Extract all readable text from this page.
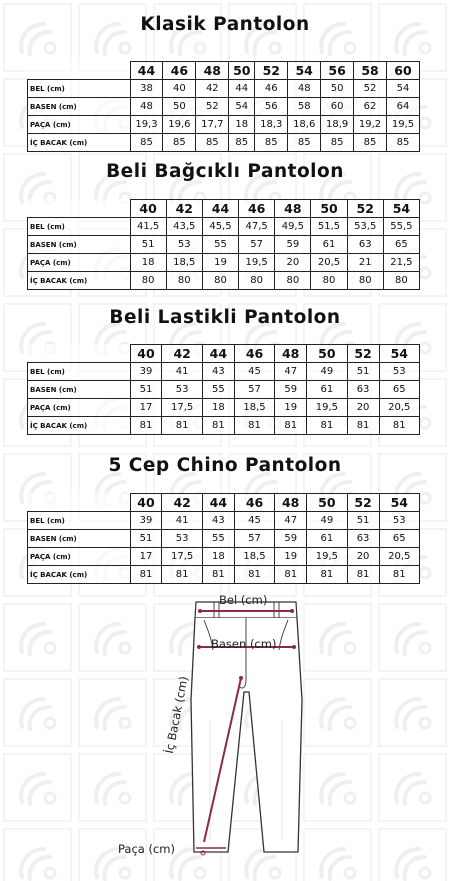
Klasik Pantolon
	44	46	48	50	52	54	56	58	60
BEL (cm)	38	40	42	44	46	48	50	52	54
BASEN (cm)	48	50	52	54	56	58	60	62	64
PAÇA (cm)	19,3	19,6	17,7	18	18,3	18,6	18,9	19,2	19,5
İÇ BACAK (cm)	85	85	85	85	85	85	85	85	85
Beli Bağcıklı Pantolon
	40	42	44	46	48	50	52	54
BEL (cm)	41,5	43,5	45,5	47,5	49,5	51,5	53,5	55,5
BASEN (cm)	51	53	55	57	59	61	63	65
PAÇA (cm)	18	18,5	19	19,5	20	20,5	21	21,5
İÇ BACAK (cm)	80	80	80	80	80	80	80	80
Beli Lastikli Pantolon
	40	42	44	46	48	50	52	54
BEL (cm)	39	41	43	45	47	49	51	53
BASEN (cm)	51	53	55	57	59	61	63	65
PAÇA (cm)	17	17,5	18	18,5	19	19,5	20	20,5
İÇ BACAK (cm)	81	81	81	81	81	81	81	81
5 Cep Chino Pantolon
	40	42	44	46	48	50	52	54
BEL (cm)	39	41	43	45	47	49	51	53
BASEN (cm)	51	53	55	57	59	61	63	65
PAÇA (cm)	17	17,5	18	18,5	19	19,5	20	20,5
İÇ BACAK (cm)	81	81	81	81	81	81	81	81
Bel (cm)
Basen (cm)
İç Bacak (cm)
Paça (cm)
